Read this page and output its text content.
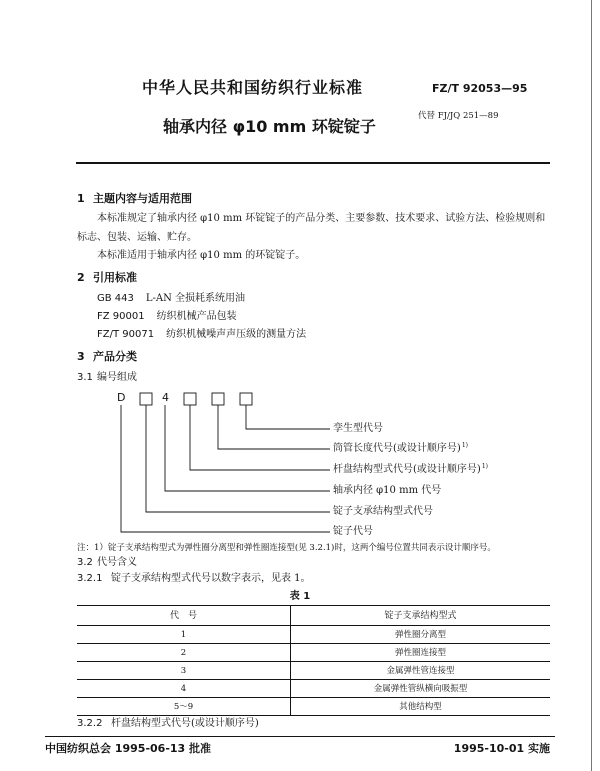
中华人民共和国纺织行业标准	FZ/T 92053—95
轴承内径 φ10 mm 环锭锭子
代替 FJ/JQ 251—89
1 主题内容与适用范围
本标准规定了轴承内径 φ10 mm 环锭锭子的产品分类、主要参数、技术要求、试验方法、检验规则和
标志、包装、运输、贮存。
本标准适用于轴承内径 φ10 mm 的环锭锭子。
2 引用标准
GB 443 L-AN 全损耗系统用油
FZ 90001 纺织机械产品包装
FZ/T 90071 纺织机械噪声声压级的测量方法
3 产品分类
3.1 编号组成
D	4
孪生型代号
筒管长度代号(或设计顺序号)$^{1)}$
杆盘结构型式代号(或设计顺序号)$^{1)}$
轴承内径 φ10 mm 代号
锭子支承结构型式代号
锭子代号
注：1）锭子支承结构型式为弹性圈分离型和弹性圈连接型(见 3.2.1)时，这两个编号位置共同表示设计顺序号。
3.2 代号含义
3.2.1 锭子支承结构型式代号以数字表示，见表 1。
表 1
代　号	锭子支承结构型式
1	弹性圈分离型
2	弹性圈连接型
3	金属弹性管连接型
4	金属弹性管纵横向吸振型
5～9	其他结构型
3.2.2 杆盘结构型式代号(或设计顺序号)
中国纺织总会 1995-06-13 批准	1995-10-01 实施
